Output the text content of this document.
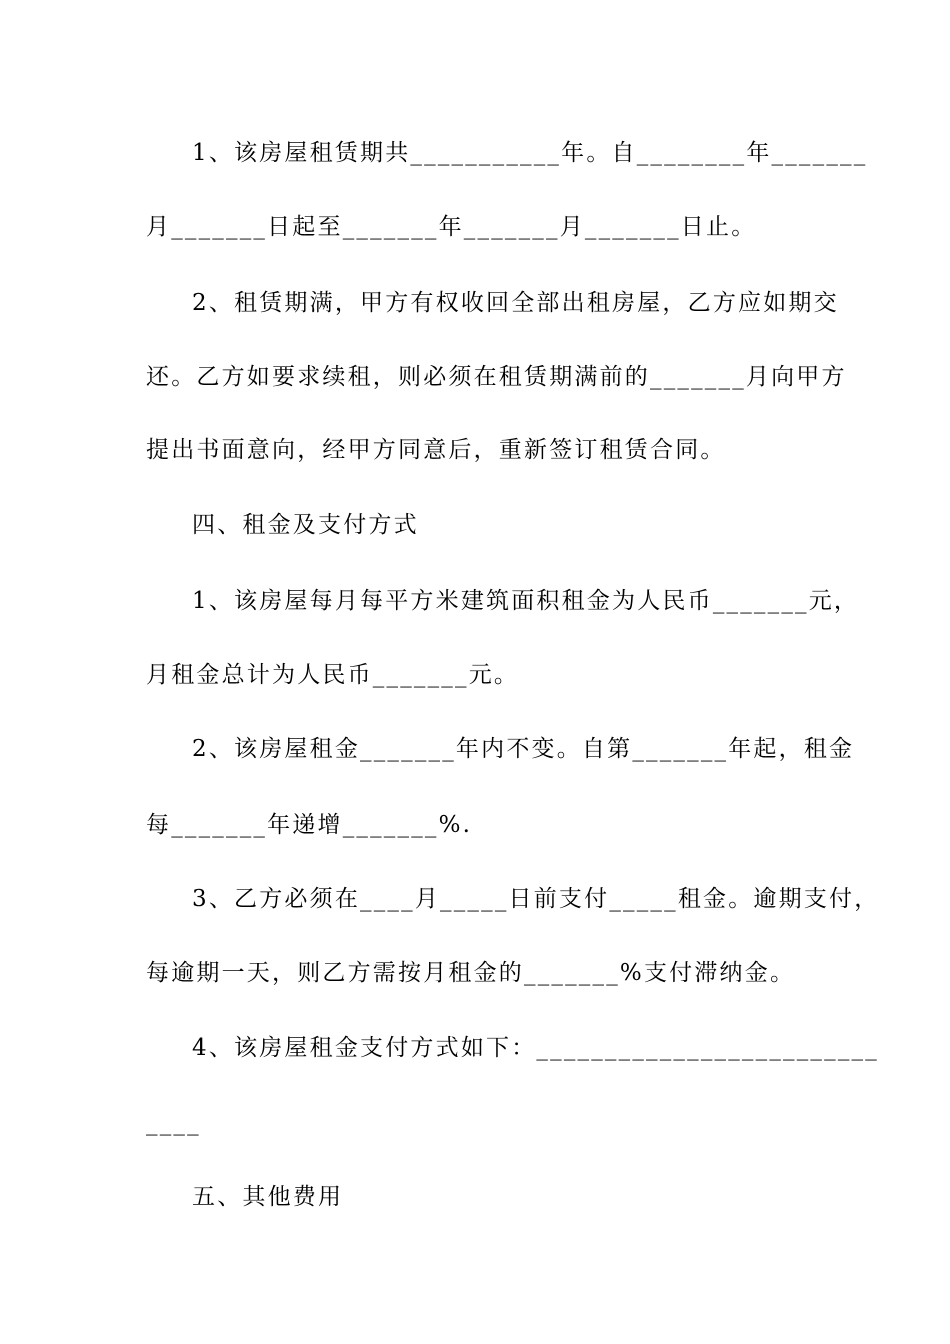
1、该房屋租赁期共___________年。自________年_______
月_______日起至_______年_______月_______日止。
2、租赁期满，甲方有权收回全部出租房屋，乙方应如期交
还。乙方如要求续租，则必须在租赁期满前的_______月向甲方
提出书面意向，经甲方同意后，重新签订租赁合同。
四、租金及支付方式
1、该房屋每月每平方米建筑面积租金为人民币_______元，
月租金总计为人民币_______元。
2、该房屋租金_______年内不变。自第_______年起，租金
每_______年递增_______%.
3、乙方必须在____月_____日前支付_____租金。逾期支付，
每逾期一天，则乙方需按月租金的_______%支付滞纳金。
4、该房屋租金支付方式如下：_________________________
____
五、其他费用
